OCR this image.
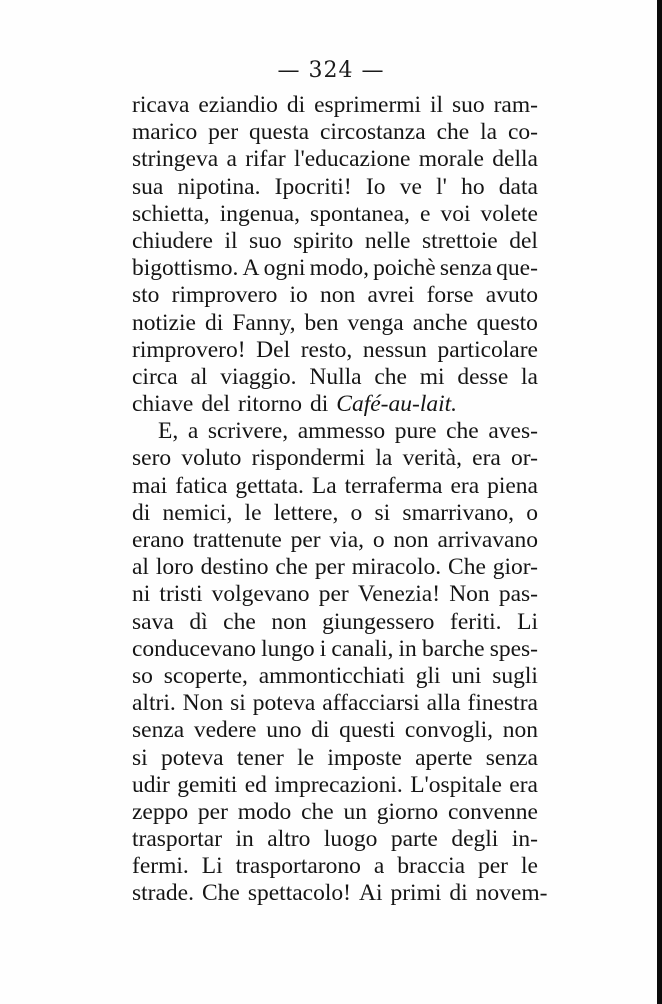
— 324 —
ricava eziandio di esprimermi il suo ram-
marico per questa circostanza che la co-
stringeva a rifar l'educazione morale della
sua nipotina. Ipocriti! Io ve l' ho data
schietta, ingenua, spontanea, e voi volete
chiudere il suo spirito nelle strettoie del
bigottismo. A ogni modo, poichè senza que-
sto rimprovero io non avrei forse avuto
notizie di Fanny, ben venga anche questo
rimprovero! Del resto, nessun particolare
circa al viaggio. Nulla che mi desse la
chiave del ritorno di Café-au-lait.
E, a scrivere, ammesso pure che aves-
sero voluto rispondermi la verità, era or-
mai fatica gettata. La terraferma era piena
di nemici, le lettere, o si smarrivano, o
erano trattenute per via, o non arrivavano
al loro destino che per miracolo. Che gior-
ni tristi volgevano per Venezia! Non pas-
sava dì che non giungessero feriti. Li
conducevano lungo i canali, in barche spes-
so scoperte, ammonticchiati gli uni sugli
altri. Non si poteva affacciarsi alla finestra
senza vedere uno di questi convogli, non
si poteva tener le imposte aperte senza
udir gemiti ed imprecazioni. L'ospitale era
zeppo per modo che un giorno convenne
trasportar in altro luogo parte degli in-
fermi. Li trasportarono a braccia per le
strade. Che spettacolo! Ai primi di novem-
